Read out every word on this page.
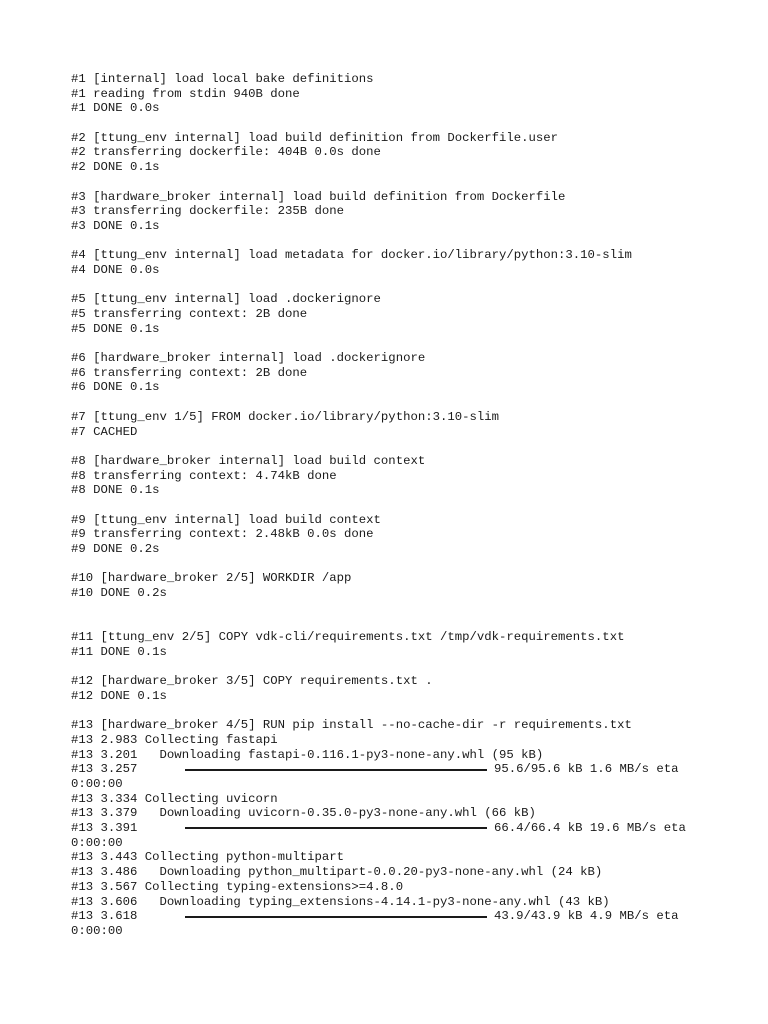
#1 [internal] load local bake definitions
#1 reading from stdin 940B done
#1 DONE 0.0s
#2 [ttung_env internal] load build definition from Dockerfile.user
#2 transferring dockerfile: 404B 0.0s done
#2 DONE 0.1s
#3 [hardware_broker internal] load build definition from Dockerfile
#3 transferring dockerfile: 235B done
#3 DONE 0.1s
#4 [ttung_env internal] load metadata for docker.io/library/python:3.10-slim
#4 DONE 0.0s
#5 [ttung_env internal] load .dockerignore
#5 transferring context: 2B done
#5 DONE 0.1s
#6 [hardware_broker internal] load .dockerignore
#6 transferring context: 2B done
#6 DONE 0.1s
#7 [ttung_env 1/5] FROM docker.io/library/python:3.10-slim
#7 CACHED
#8 [hardware_broker internal] load build context
#8 transferring context: 4.74kB done
#8 DONE 0.1s
#9 [ttung_env internal] load build context
#9 transferring context: 2.48kB 0.0s done
#9 DONE 0.2s
#10 [hardware_broker 2/5] WORKDIR /app
#10 DONE 0.2s
#11 [ttung_env 2/5] COPY vdk-cli/requirements.txt /tmp/vdk-requirements.txt
#11 DONE 0.1s
#12 [hardware_broker 3/5] COPY requirements.txt .
#12 DONE 0.1s
#13 [hardware_broker 4/5] RUN pip install --no-cache-dir -r requirements.txt
#13 2.983 Collecting fastapi
#13 3.201   Downloading fastapi-0.116.1-py3-none-any.whl (95 kB)
#13 3.257	95.6/95.6 kB 1.6 MB/s eta
0:00:00
#13 3.334 Collecting uvicorn
#13 3.379   Downloading uvicorn-0.35.0-py3-none-any.whl (66 kB)
#13 3.391	66.4/66.4 kB 19.6 MB/s eta
0:00:00
#13 3.443 Collecting python-multipart
#13 3.486   Downloading python_multipart-0.0.20-py3-none-any.whl (24 kB)
#13 3.567 Collecting typing-extensions>=4.8.0
#13 3.606   Downloading typing_extensions-4.14.1-py3-none-any.whl (43 kB)
#13 3.618	43.9/43.9 kB 4.9 MB/s eta
0:00:00
